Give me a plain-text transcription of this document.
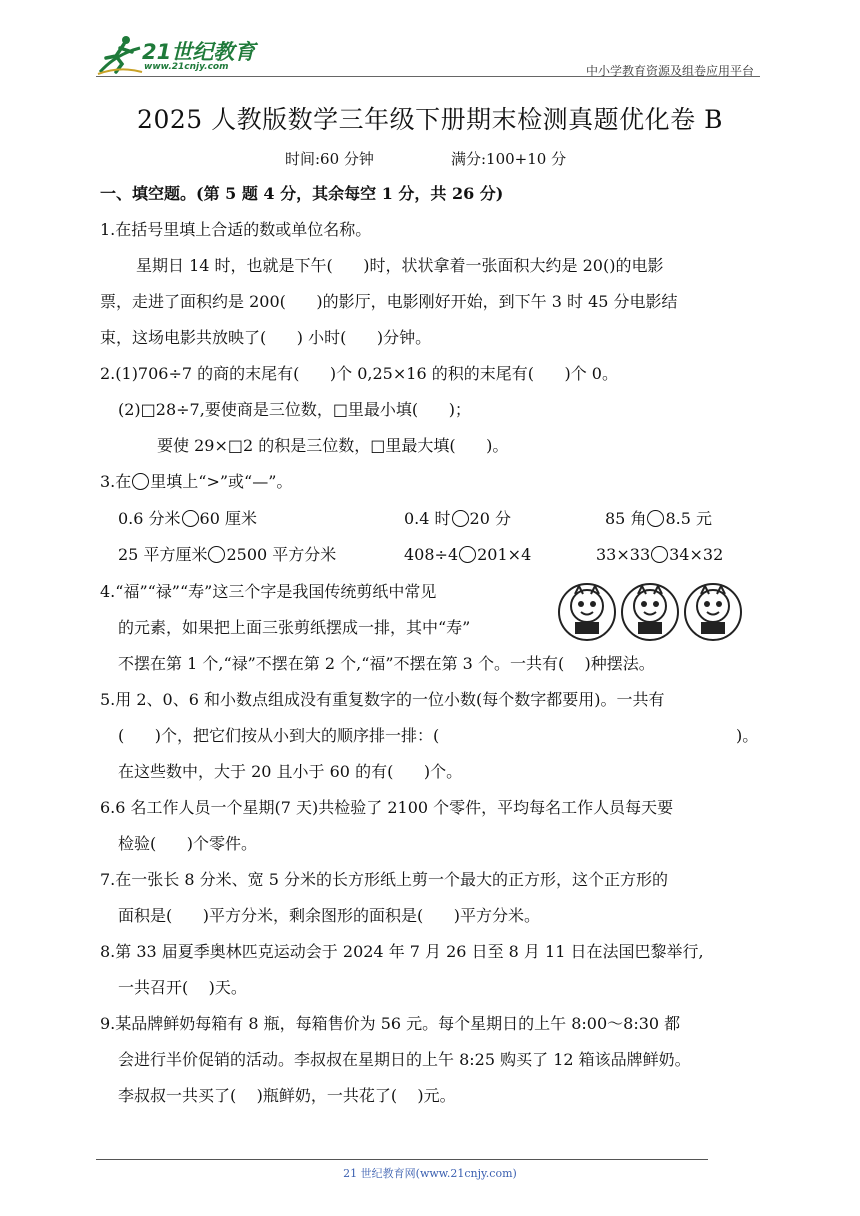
21世纪教育
www.21cnjy.com	中小学教育资源及组卷应用平台
2025 人教版数学三年级下册期末检测真题优化卷 B
时间:60 分钟	满分:100+10 分
一、填空题。(第 5 题 4 分，其余每空 1 分，共 26 分)
1.在括号里填上合适的数或单位名称。
星期日 14 时，也就是下午(      )时，状状拿着一张面积大约是 20()的电影
票，走进了面积约是 200(      )的影厅，电影刚好开始，到下午 3 时 45 分电影结
束，这场电影共放映了(      ) 小时(      )分钟。
2.(1)706÷7 的商的末尾有(      )个 0,25×16 的积的末尾有(      )个 0。
(2)□28÷7,要使商是三位数，□里最小填(      )；
要使 29×□2 的积是三位数，□里最大填(      )。
3.在 里填上“>”或“—”。
0.6 分米 60 厘米	0.4 时 20 分	85 角 8.5 元
25 平方厘米 2500 平方分米	408÷4 201×4	33×33 34×32
4.“福”“禄”“寿”这三个字是我国传统剪纸中常见
的元素，如果把上面三张剪纸摆成一排，其中“寿”
不摆在第 1 个,“禄”不摆在第 2 个,“福”不摆在第 3 个。一共有(    )种摆法。
5.用 2、0、6 和小数点组成没有重复数字的一位小数(每个数字都要用)。一共有
(      )个，把它们按从小到大的顺序排一排：(	)。
在这些数中，大于 20 且小于 60 的有(      )个。
6.6 名工作人员一个星期(7 天)共检验了 2100 个零件，平均每名工作人员每天要
检验(      )个零件。
7.在一张长 8 分米、宽 5 分米的长方形纸上剪一个最大的正方形，这个正方形的
面积是(      )平方分米，剩余图形的面积是(      )平方分米。
8.第 33 届夏季奥林匹克运动会于 2024 年 7 月 26 日至 8 月 11 日在法国巴黎举行,
一共召开(    )天。
9.某品牌鲜奶每箱有 8 瓶，每箱售价为 56 元。每个星期日的上午 8:00～8:30 都
会进行半价促销的活动。李叔叔在星期日的上午 8:25 购买了 12 箱该品牌鲜奶。
李叔叔一共买了(    )瓶鲜奶，一共花了(    )元。
21 世纪教育网(www.21cnjy.com)
